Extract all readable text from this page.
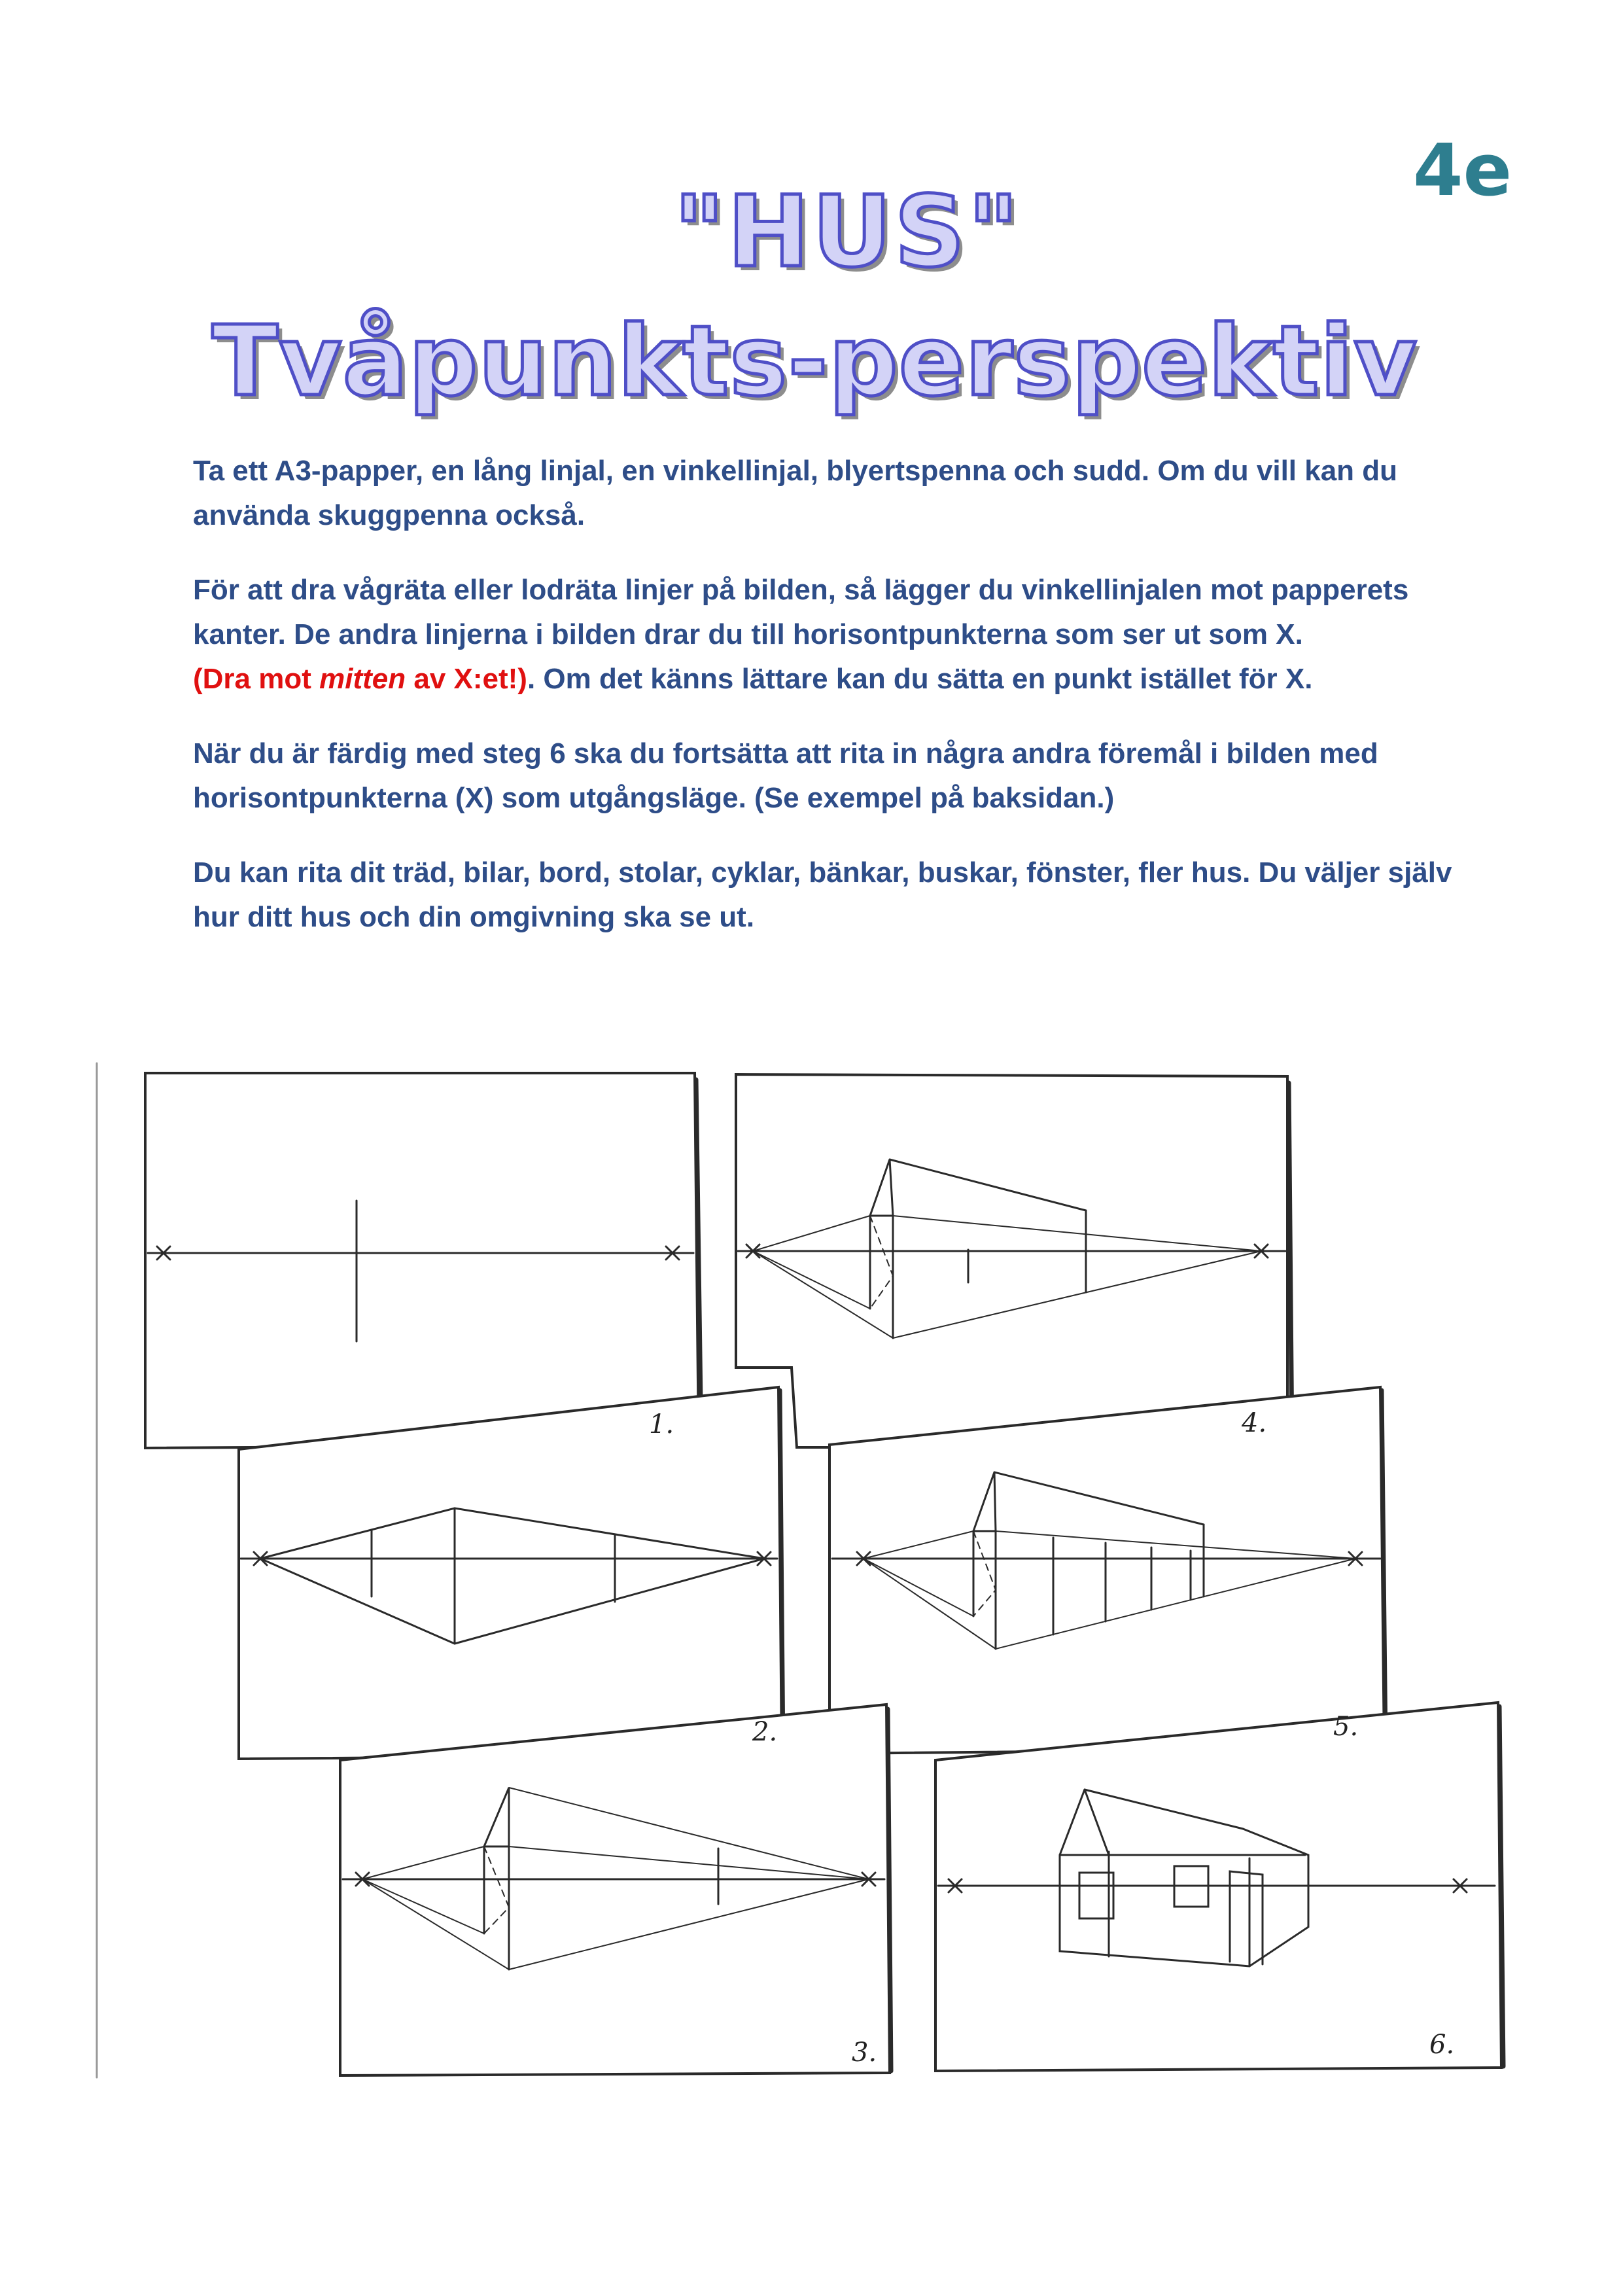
4e
"HUS"
Tvåpunkts-perspektiv

Ta ett A3-papper, en lång linjal, en vinkellinjal, blyertspenna och sudd. Om du vill kan du använda skuggpenna också.

För att dra vågräta eller lodräta linjer på bilden, så lägger du vinkellinjalen mot papperets kanter. De andra linjerna i bilden drar du till horisontpunkterna som ser ut som X.
(Dra mot mitten av X:et!). Om det känns lättare kan du sätta en punkt istället för X.

När du är färdig med steg 6 ska du fortsätta att rita in några andra föremål i bilden med horisontpunkterna (X) som utgångsläge. (Se exempel på baksidan.)

Du kan rita dit träd, bilar, bord, stolar, cyklar, bänkar, buskar, fönster, fler hus. Du väljer själv hur ditt hus och din omgivning ska se ut.

1.	4.
5.
2.
6.
3.
